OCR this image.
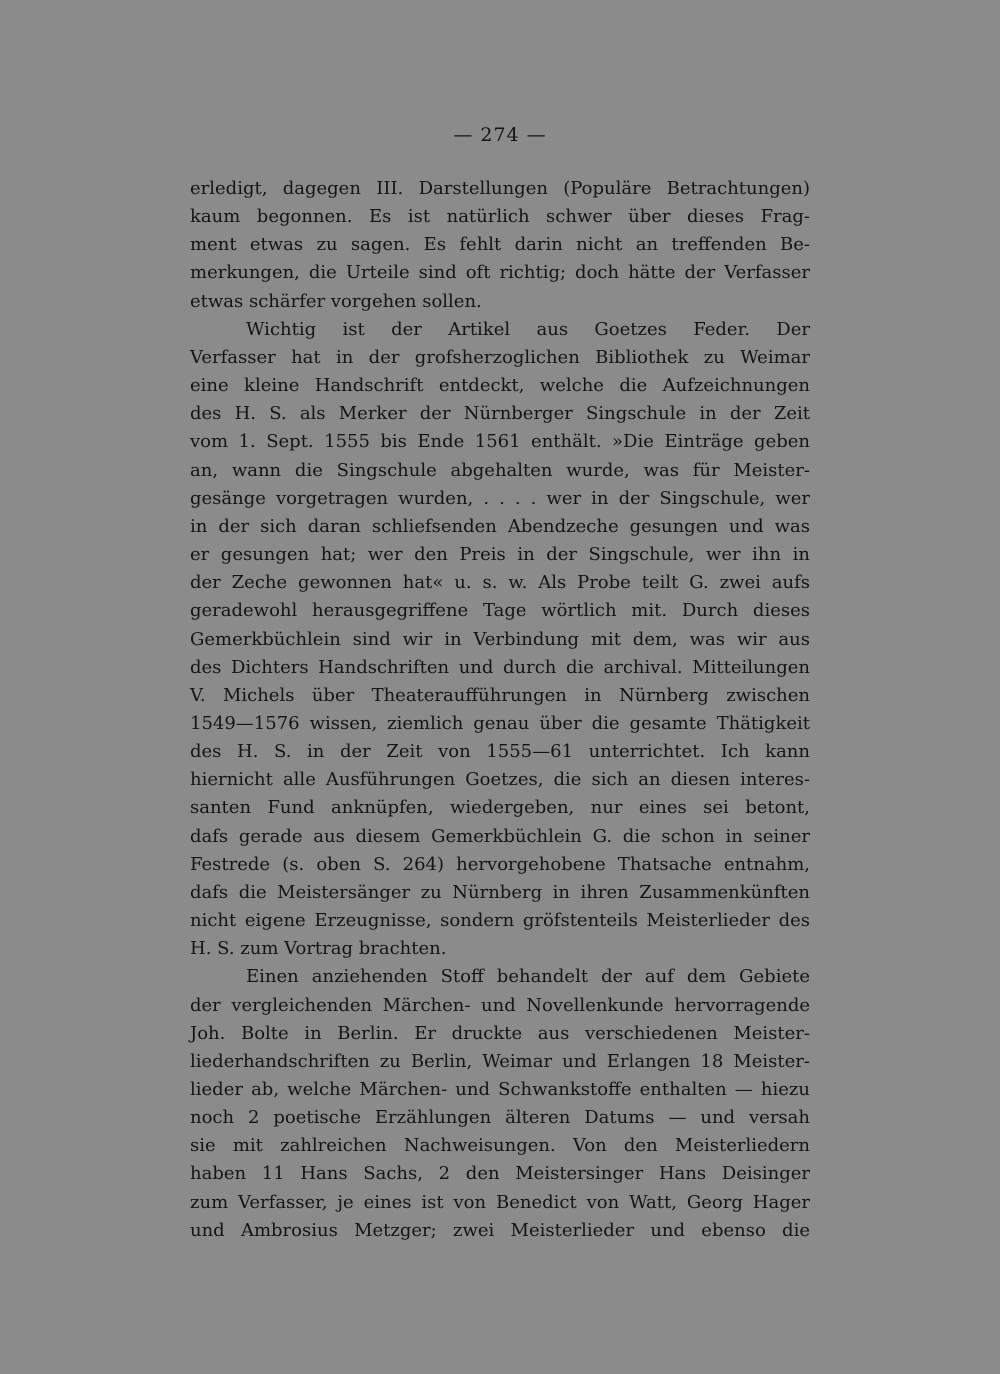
— 274 —
erledigt, dagegen III. Darstellungen (Populäre Betrachtungen)
kaum begonnen. Es ist natürlich schwer über dieses Frag-
ment etwas zu sagen. Es fehlt darin nicht an treffenden Be-
merkungen, die Urteile sind oft richtig; doch hätte der Verfasser
etwas schärfer vorgehen sollen.
Wichtig ist der Artikel aus Goetzes Feder. Der
Verfasser hat in der grofsherzoglichen Bibliothek zu Weimar
eine kleine Handschrift entdeckt, welche die Aufzeichnungen
des H. S. als Merker der Nürnberger Singschule in der Zeit
vom 1. Sept. 1555 bis Ende 1561 enthält. »Die Einträge geben
an, wann die Singschule abgehalten wurde, was für Meister-
gesänge vorgetragen wurden, . . . . wer in der Singschule, wer
in der sich daran schliefsenden Abendzeche gesungen und was
er gesungen hat; wer den Preis in der Singschule, wer ihn in
der Zeche gewonnen hat« u. s. w. Als Probe teilt G. zwei aufs
geradewohl herausgegriffene Tage wörtlich mit. Durch dieses
Gemerkbüchlein sind wir in Verbindung mit dem, was wir aus
des Dichters Handschriften und durch die archival. Mitteilungen
V. Michels über Theateraufführungen in Nürnberg zwischen
1549—1576 wissen, ziemlich genau über die gesamte Thätigkeit
des H. S. in der Zeit von 1555—61 unterrichtet. Ich kann
hiernicht alle Ausführungen Goetzes, die sich an diesen interes-
santen Fund anknüpfen, wiedergeben, nur eines sei betont,
dafs gerade aus diesem Gemerkbüchlein G. die schon in seiner
Festrede (s. oben S. 264) hervorgehobene Thatsache entnahm,
dafs die Meistersänger zu Nürnberg in ihren Zusammenkünften
nicht eigene Erzeugnisse, sondern gröfstenteils Meisterlieder des
H. S. zum Vortrag brachten.
Einen anziehenden Stoff behandelt der auf dem Gebiete
der vergleichenden Märchen- und Novellenkunde hervorragende
Joh. Bolte in Berlin. Er druckte aus verschiedenen Meister-
liederhandschriften zu Berlin, Weimar und Erlangen 18 Meister-
lieder ab, welche Märchen- und Schwankstoffe enthalten — hiezu
noch 2 poetische Erzählungen älteren Datums — und versah
sie mit zahlreichen Nachweisungen. Von den Meisterliedern
haben 11 Hans Sachs, 2 den Meistersinger Hans Deisinger
zum Verfasser, je eines ist von Benedict von Watt, Georg Hager
und Ambrosius Metzger; zwei Meisterlieder und ebenso die
